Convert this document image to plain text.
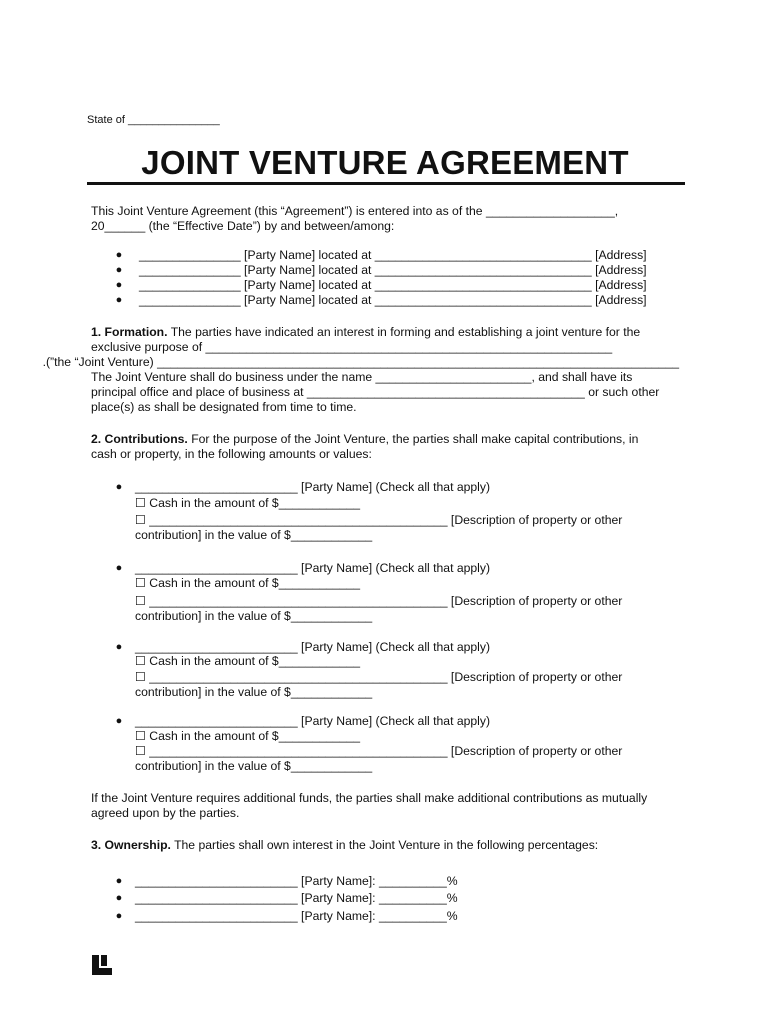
State of _______________
JOINT VENTURE AGREEMENT
This Joint Venture Agreement (this “Agreement”) is entered into as of the ___________________,
20______ (the “Effective Date”) by and between/among:
● _______________ [Party Name] located at ________________________________ [Address]
● _______________ [Party Name] located at ________________________________ [Address]
● _______________ [Party Name] located at ________________________________ [Address]
● _______________ [Party Name] located at ________________________________ [Address]
1. Formation. The parties have indicated an interest in forming and establishing a joint venture for the
exclusive purpose of ____________________________________________________________
_____________________________________________________________________________ (the “Joint Venture”).
The Joint Venture shall do business under the name _______________________, and shall have its
principal office and place of business at _________________________________________ or such other
place(s) as shall be designated from time to time.
2. Contributions. For the purpose of the Joint Venture, the parties shall make capital contributions, in
cash or property, in the following amounts or values:
● ________________________ [Party Name] (Check all that apply)
☐ Cash in the amount of $____________
☐ ____________________________________________ [Description of property or other
contribution] in the value of $____________
● ________________________ [Party Name] (Check all that apply)
☐ Cash in the amount of $____________
☐ ____________________________________________ [Description of property or other
contribution] in the value of $____________
● ________________________ [Party Name] (Check all that apply)
☐ Cash in the amount of $____________
☐ ____________________________________________ [Description of property or other
contribution] in the value of $____________
● ________________________ [Party Name] (Check all that apply)
☐ Cash in the amount of $____________
☐ ____________________________________________ [Description of property or other
contribution] in the value of $____________
If the Joint Venture requires additional funds, the parties shall make additional contributions as mutually
agreed upon by the parties.
3. Ownership. The parties shall own interest in the Joint Venture in the following percentages:
● ________________________ [Party Name]: __________%
● ________________________ [Party Name]: __________%
● ________________________ [Party Name]: __________%
